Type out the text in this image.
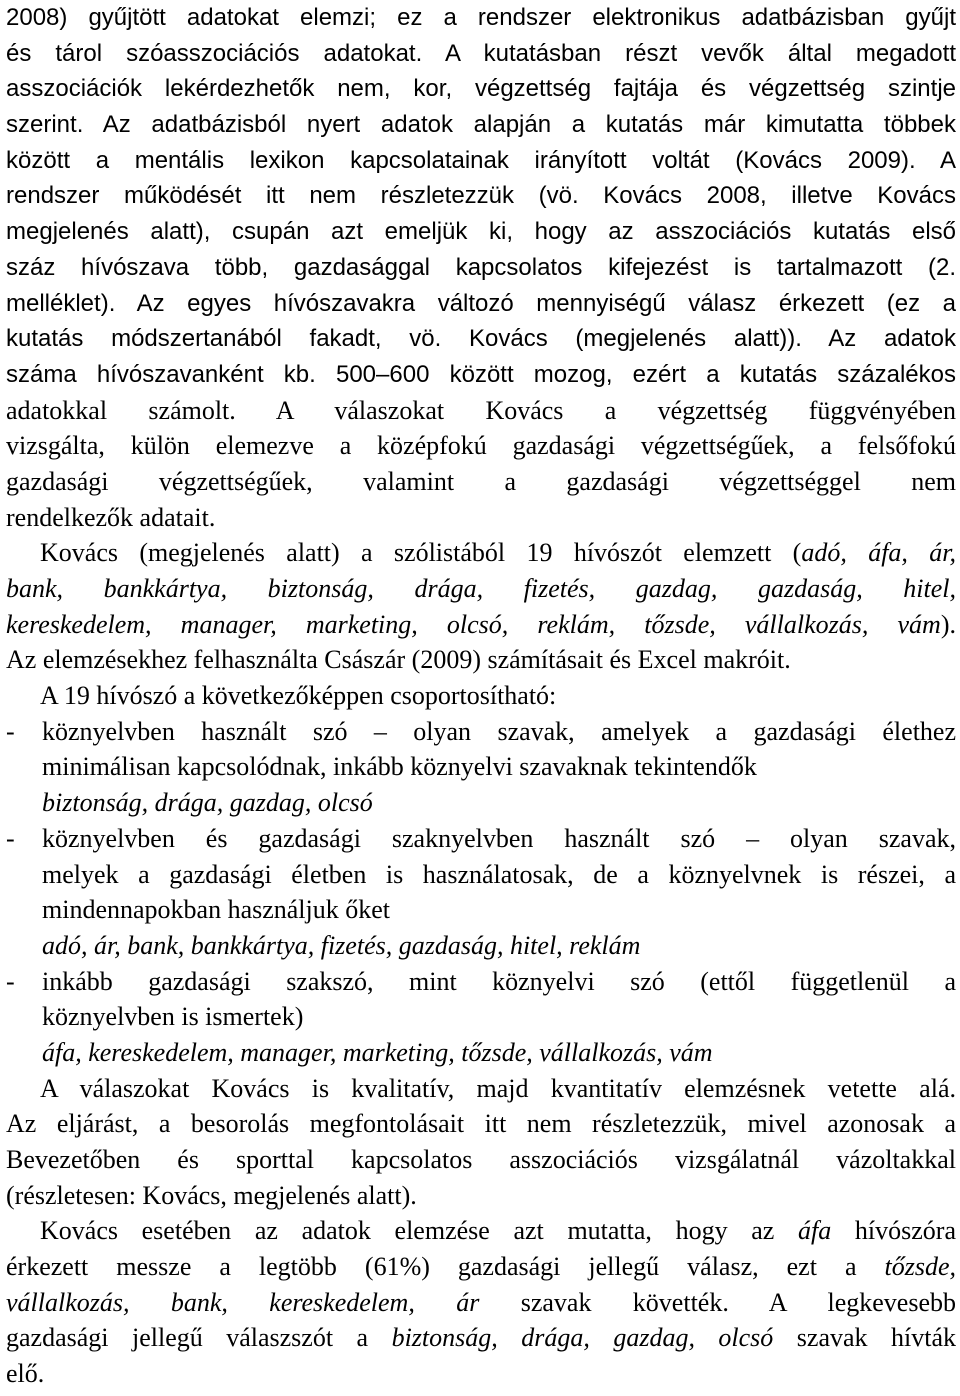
2008) gyűjtött adatokat elemzi; ez a rendszer elektronikus adatbázisban gyűjt
és tárol szóasszociációs adatokat. A kutatásban részt vevők által megadott
asszociációk lekérdezhetők nem, kor, végzettség fajtája és végzettség szintje
szerint. Az adatbázisból nyert adatok alapján a kutatás már kimutatta többek
között a mentális lexikon kapcsolatainak irányított voltát (Kovács 2009). A
rendszer működését itt nem részletezzük (vö. Kovács 2008, illetve Kovács
megjelenés alatt), csupán azt emeljük ki, hogy az asszociációs kutatás első
száz hívószava több, gazdasággal kapcsolatos kifejezést is tartalmazott (2.
melléklet). Az egyes hívószavakra változó mennyiségű válasz érkezett (ez a
kutatás módszertanából fakadt, vö. Kovács (megjelenés alatt)). Az adatok
száma hívószavanként kb. 500–600 között mozog, ezért a kutatás százalékos
adatokkal számolt. A válaszokat Kovács a végzettség függvényében
vizsgálta, külön elemezve a középfokú gazdasági végzettségűek, a felsőfokú
gazdasági végzettségűek, valamint a gazdasági végzettséggel nem
rendelkezők adatait.
Kovács (megjelenés alatt) a szólistából 19 hívószót elemzett (adó, áfa, ár,
bank, bankkártya, biztonság, drága, fizetés, gazdag, gazdaság, hitel,
kereskedelem, manager, marketing, olcsó, reklám, tőzsde, vállalkozás, vám).
Az elemzésekhez felhasználta Császár (2009) számításait és Excel makróit.
A 19 hívószó a következőképpen csoportosítható:
-	köznyelvben használt szó – olyan szavak, amelyek a gazdasági élethez
minimálisan kapcsolódnak, inkább köznyelvi szavaknak tekintendők
biztonság, drága, gazdag, olcsó
-	köznyelvben és gazdasági szaknyelvben használt szó – olyan szavak,
melyek a gazdasági életben is használatosak, de a köznyelvnek is részei, a
mindennapokban használjuk őket
adó, ár, bank, bankkártya, fizetés, gazdaság, hitel, reklám
-	inkább gazdasági szakszó, mint köznyelvi szó (ettől függetlenül a
köznyelvben is ismertek)
áfa, kereskedelem, manager, marketing, tőzsde, vállalkozás, vám
A válaszokat Kovács is kvalitatív, majd kvantitatív elemzésnek vetette alá.
Az eljárást, a besorolás megfontolásait itt nem részletezzük, mivel azonosak a
Bevezetőben és sporttal kapcsolatos asszociációs vizsgálatnál vázoltakkal
(részletesen: Kovács, megjelenés alatt).
Kovács esetében az adatok elemzése azt mutatta, hogy az áfa hívószóra
érkezett messze a legtöbb (61%) gazdasági jellegű válasz, ezt a tőzsde,
vállalkozás, bank, kereskedelem, ár szavak követték. A legkevesebb
gazdasági jellegű válaszszót a biztonság, drága, gazdag, olcsó szavak hívták
elő.
